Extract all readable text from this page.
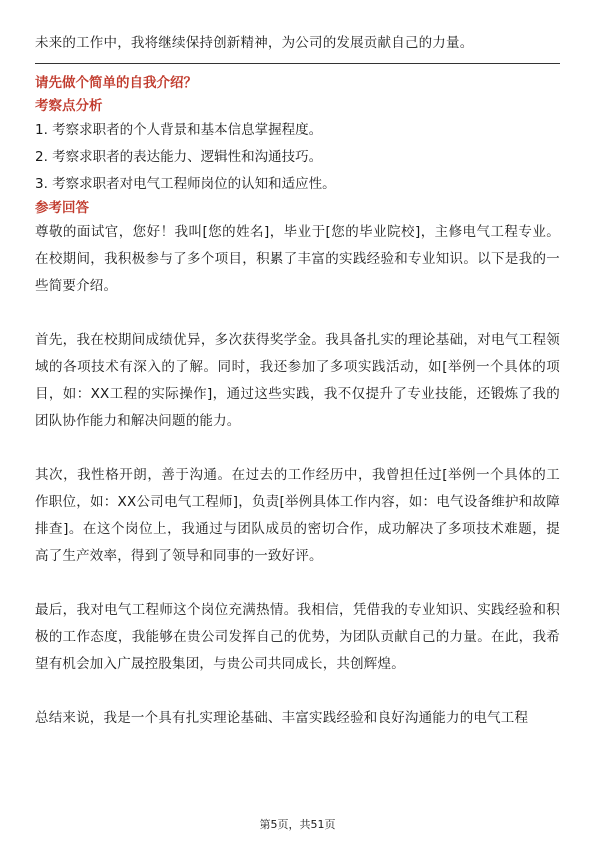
未来的工作中，我将继续保持创新精神，为公司的发展贡献自己的力量。

请先做个简单的自我介绍？

考察点分析

1. 考察求职者的个人背景和基本信息掌握程度。
2. 考察求职者的表达能力、逻辑性和沟通技巧。
3. 考察求职者对电气工程师岗位的认知和适应性。

参考回答

尊敬的面试官，您好！我叫[您的姓名]，毕业于[您的毕业院校]，主修电气工程专业。在校期间，我积极参与了多个项目，积累了丰富的实践经验和专业知识。以下是我的一些简要介绍。

首先，我在校期间成绩优异，多次获得奖学金。我具备扎实的理论基础，对电气工程领域的各项技术有深入的了解。同时，我还参加了多项实践活动，如[举例一个具体的项目，如：XX工程的实际操作]，通过这些实践，我不仅提升了专业技能，还锻炼了我的团队协作能力和解决问题的能力。

其次，我性格开朗，善于沟通。在过去的工作经历中，我曾担任过[举例一个具体的工作职位，如：XX公司电气工程师]，负责[举例具体工作内容，如：电气设备维护和故障排查]。在这个岗位上，我通过与团队成员的密切合作，成功解决了多项技术难题，提高了生产效率，得到了领导和同事的一致好评。

最后，我对电气工程师这个岗位充满热情。我相信，凭借我的专业知识、实践经验和积极的工作态度，我能够在贵公司发挥自己的优势，为团队贡献自己的力量。在此，我希望有机会加入广晟控股集团，与贵公司共同成长，共创辉煌。

总结来说，我是一个具有扎实理论基础、丰富实践经验和良好沟通能力的电气工程

第5页，共51页
